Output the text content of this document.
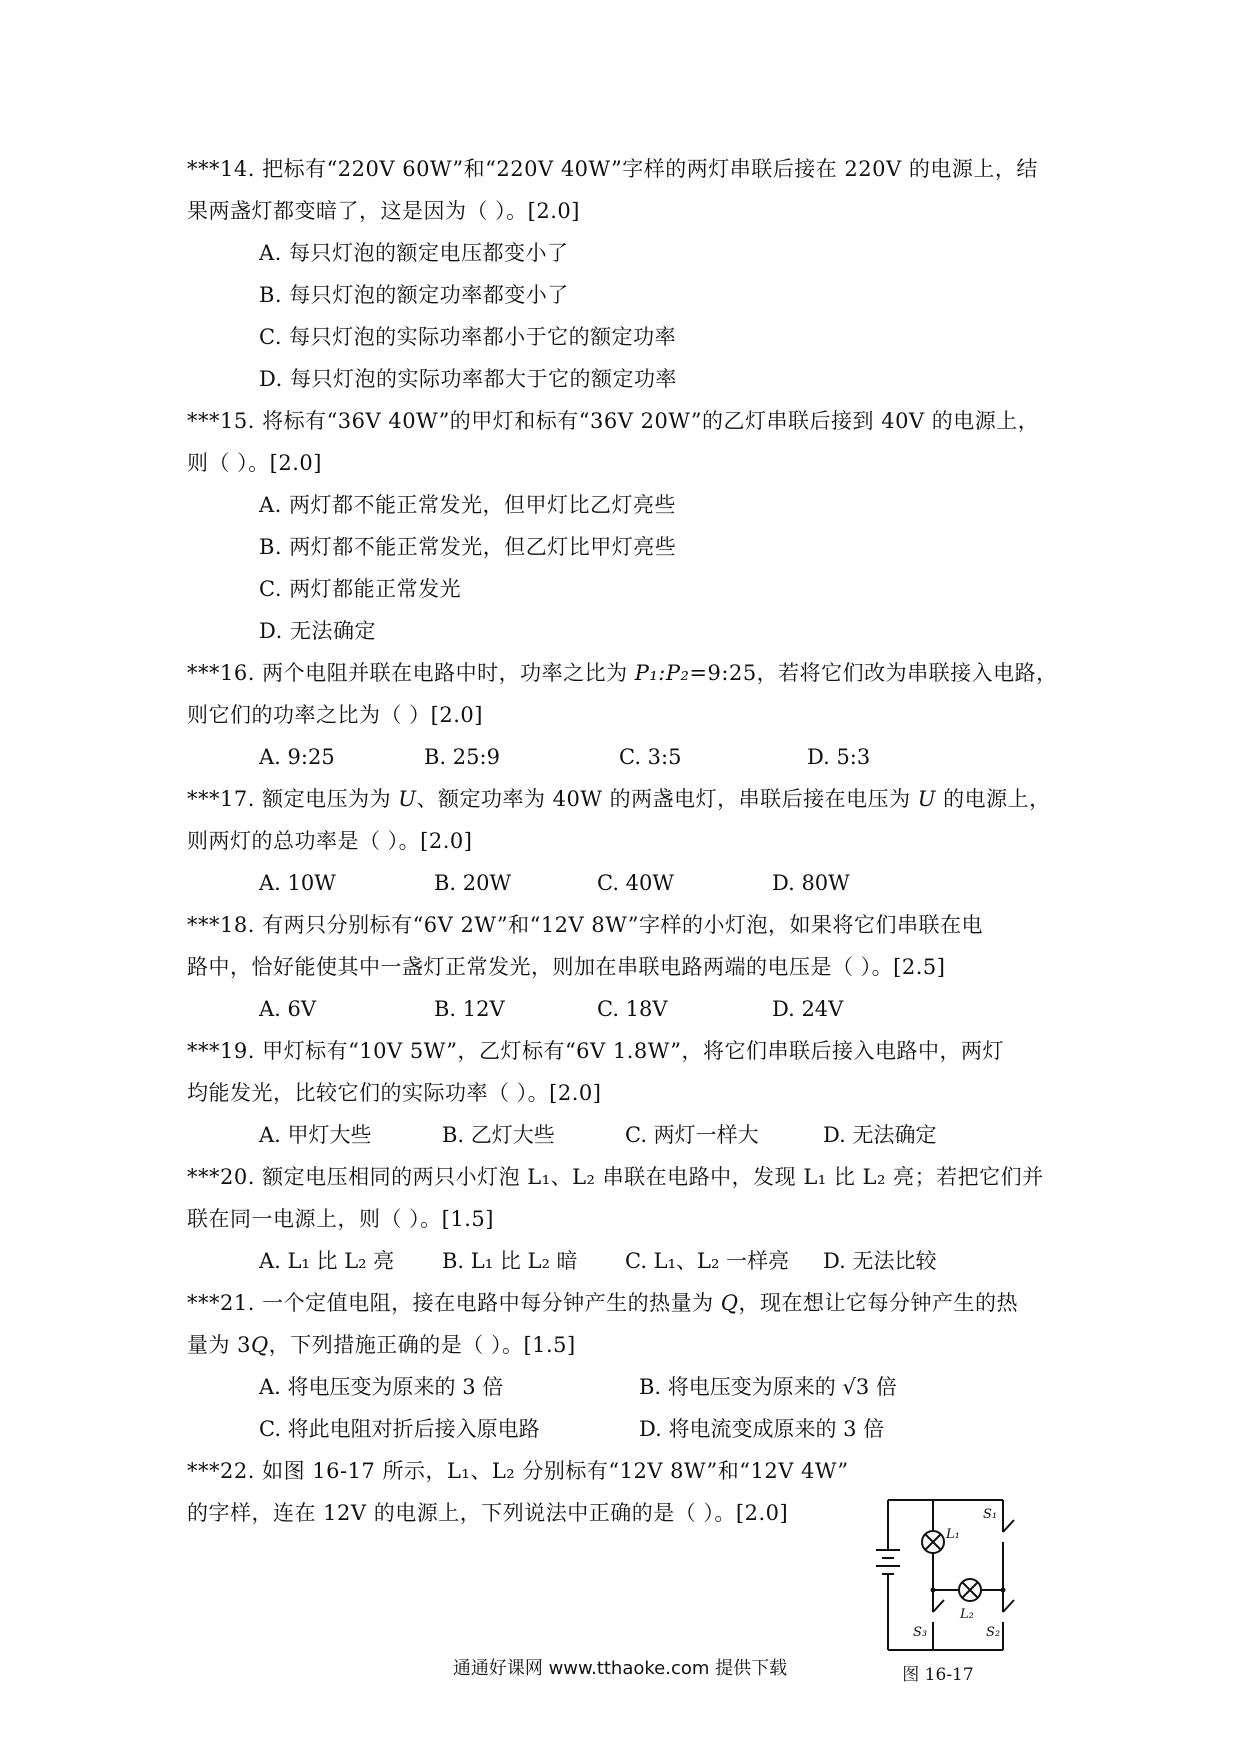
***14. 把标有“220V 60W”和“220V 40W”字样的两灯串联后接在 220V 的电源上，结
果两盏灯都变暗了，这是因为（ ）。[2.0]
A. 每只灯泡的额定电压都变小了
B. 每只灯泡的额定功率都变小了
C. 每只灯泡的实际功率都小于它的额定功率
D. 每只灯泡的实际功率都大于它的额定功率
***15. 将标有“36V 40W”的甲灯和标有“36V 20W”的乙灯串联后接到 40V 的电源上，
则（ ）。[2.0]
A. 两灯都不能正常发光，但甲灯比乙灯亮些
B. 两灯都不能正常发光，但乙灯比甲灯亮些
C. 两灯都能正常发光
D. 无法确定
***16. 两个电阻并联在电路中时，功率之比为 P₁:P₂=9:25，若将它们改为串联接入电路，
则它们的功率之比为（ ）[2.0]
A. 9:25	B. 25:9	C. 3:5	D. 5:3
***17. 额定电压为为 U、额定功率为 40W 的两盏电灯，串联后接在电压为 U 的电源上，
则两灯的总功率是（ ）。[2.0]
A. 10W	B. 20W	C. 40W	D. 80W
***18. 有两只分别标有“6V 2W”和“12V 8W”字样的小灯泡，如果将它们串联在电
路中，恰好能使其中一盏灯正常发光，则加在串联电路两端的电压是（ ）。[2.5]
A. 6V	B. 12V	C. 18V	D. 24V
***19. 甲灯标有“10V 5W”，乙灯标有“6V 1.8W”，将它们串联后接入电路中，两灯
均能发光，比较它们的实际功率（ ）。[2.0]
A. 甲灯大些	B. 乙灯大些	C. 两灯一样大	D. 无法确定
***20. 额定电压相同的两只小灯泡 L₁、L₂ 串联在电路中，发现 L₁ 比 L₂ 亮；若把它们并
联在同一电源上，则（ ）。[1.5]
A. L₁ 比 L₂ 亮	B. L₁ 比 L₂ 暗	C. L₁、L₂ 一样亮	D. 无法比较
***21. 一个定值电阻，接在电路中每分钟产生的热量为 Q，现在想让它每分钟产生的热
量为 3Q，下列措施正确的是（ ）。[1.5]
A. 将电压变为原来的 3 倍	B. 将电压变为原来的 √3 倍
C. 将此电阻对折后接入原电路	D. 将电流变成原来的 3 倍
***22. 如图 16-17 所示，L₁、L₂ 分别标有“12V 8W”和“12V 4W”
的字样，连在 12V 的电源上，下列说法中正确的是（ ）。[2.0]
L₁
L₂
S₁
S₂
S₃
图 16-17
通通好课网 www.tthaoke.com 提供下载
